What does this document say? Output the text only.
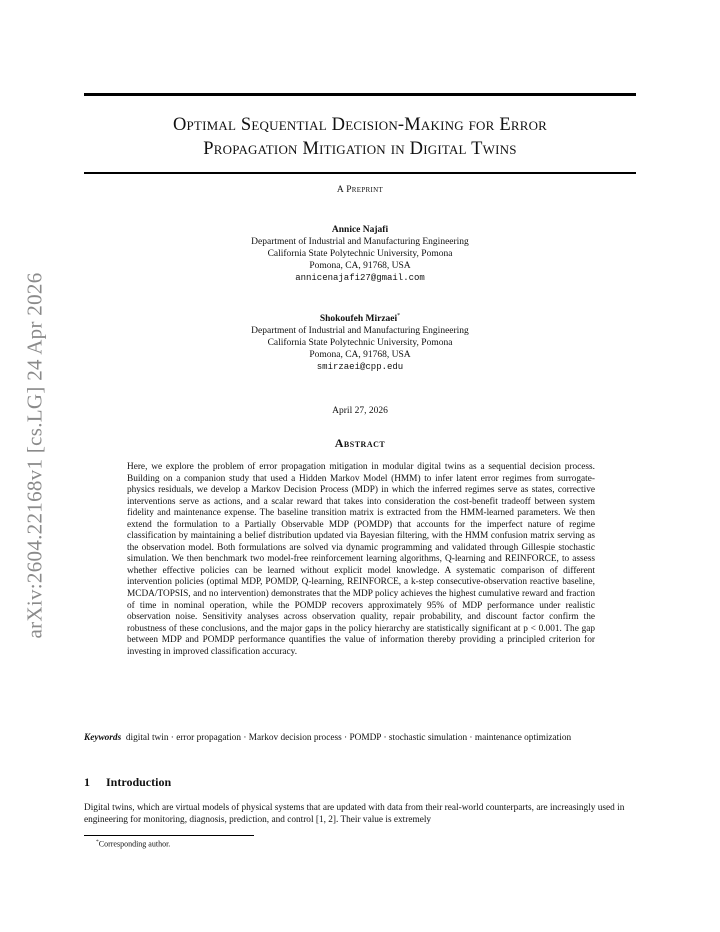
arXiv:2604.22168v1 [cs.LG] 24 Apr 2026
Optimal Sequential Decision-Making for Error
Propagation Mitigation in Digital Twins
A Preprint
Annice Najafi
Department of Industrial and Manufacturing Engineering
California State Polytechnic University, Pomona
Pomona, CA, 91768, USA
annicenajafi27@gmail.com
Shokoufeh Mirzaei*
Department of Industrial and Manufacturing Engineering
California State Polytechnic University, Pomona
Pomona, CA, 91768, USA
smirzaei@cpp.edu
April 27, 2026
Abstract
Here, we explore the problem of error propagation mitigation in modular digital twins as a sequential decision process. Building on a companion study that used a Hidden Markov Model (HMM) to infer latent error regimes from surrogate-physics residuals, we develop a Markov Decision Process (MDP) in which the inferred regimes serve as states, corrective interventions serve as actions, and a scalar reward that takes into consideration the cost-benefit tradeoff between system fidelity and maintenance expense. The baseline transition matrix is extracted from the HMM-learned parameters. We then extend the formulation to a Partially Observable MDP (POMDP) that accounts for the imperfect nature of regime classification by maintaining a belief distribution updated via Bayesian filtering, with the HMM confusion matrix serving as the observation model. Both formulations are solved via dynamic programming and validated through Gillespie stochastic simulation. We then benchmark two model-free reinforcement learning algorithms, Q-learning and REINFORCE, to assess whether effective policies can be learned without explicit model knowledge. A systematic comparison of different intervention policies (optimal MDP, POMDP, Q-learning, REINFORCE, a k-step consecutive-observation reactive baseline, MCDA/TOPSIS, and no intervention) demonstrates that the MDP policy achieves the highest cumulative reward and fraction of time in nominal operation, while the POMDP recovers approximately 95% of MDP performance under realistic observation noise. Sensitivity analyses across observation quality, repair probability, and discount factor confirm the robustness of these conclusions, and the major gaps in the policy hierarchy are statistically significant at p < 0.001. The gap between MDP and POMDP performance quantifies the value of information thereby providing a principled criterion for investing in improved classification accuracy.
Keywords digital twin · error propagation · Markov decision process · POMDP · stochastic simulation · maintenance optimization
1 Introduction
Digital twins, which are virtual models of physical systems that are updated with data from their real-world counterparts, are increasingly used in engineering for monitoring, diagnosis, prediction, and control [1, 2]. Their value is extremely
*Corresponding author.
